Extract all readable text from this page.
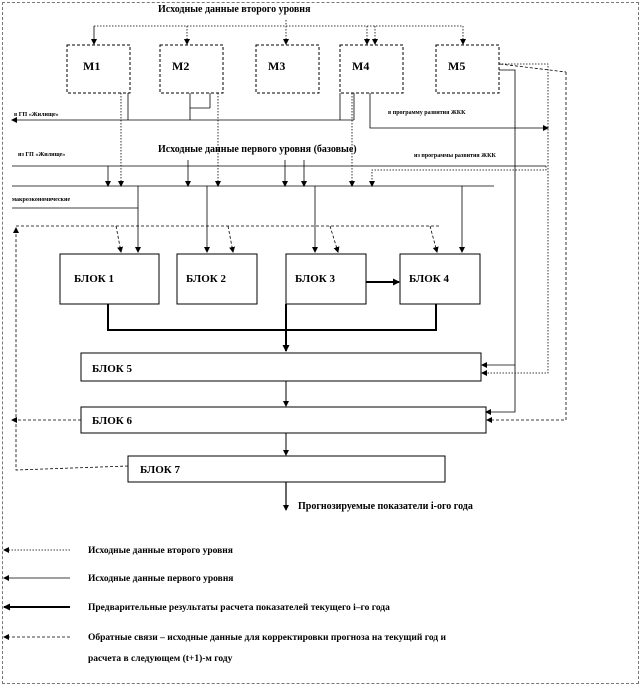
Исходные данные второго уровня
М1	М2	М3	М4	М5
в ГП «Жилище»	в программу развития ЖКК
Исходные данные первого уровня (базовые)
из ГП «Жилище»	из программы развития ЖКК
макроэкономические
БЛОК 1	БЛОК 2	БЛОК 3	БЛОК 4
БЛОК 5
БЛОК 6
БЛОК 7
Прогнозируемые показатели i-ого года
Исходные данные второго уровня
Исходные данные первого уровня
Предварительные результаты расчета показателей текущего i–го года
Обратные связи – исходные данные для корректировки прогноза на текущий год и
расчета в следующем (t+1)-м году
